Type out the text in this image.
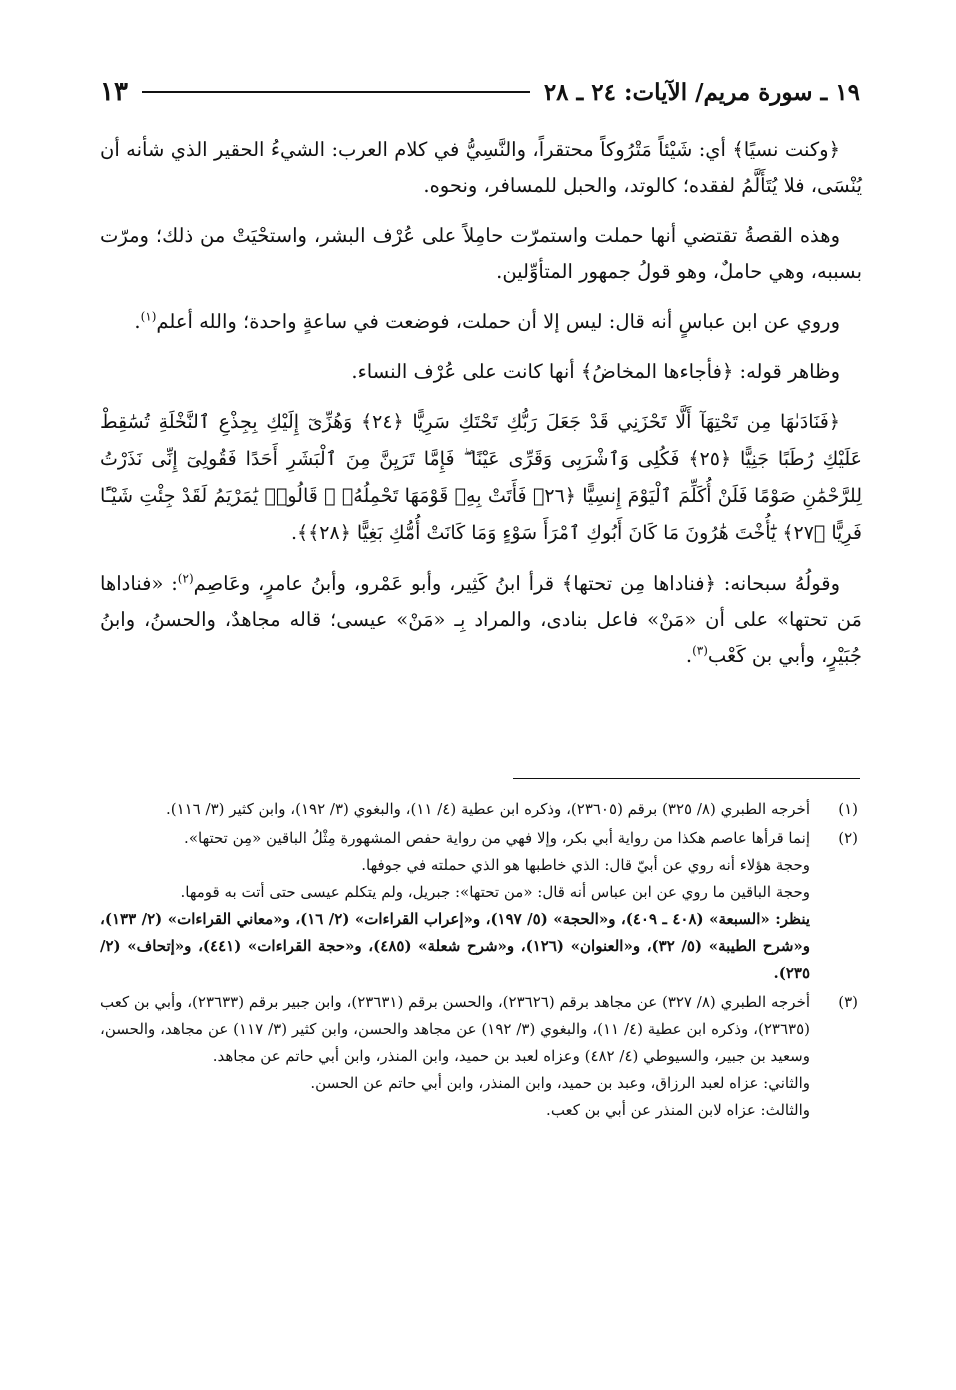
١٩ ـ سورة مريم/ الآيات: ٢٤ ـ ٢٨
١٣

﴿وكنت نسيًا﴾ أي: شَيْئاً مَتْرُوكاً محتقراً، والنَّسِيُّ في كلام العرب: الشيءُ الحقير الذي شأنه أن يُنْسَى، فلا يُتَأَلَّمُ لفقده؛ كالوتد، والحبل للمسافر، ونحوه.

وهذه القصةُ تقتضي أنها حملت واستمرّت حامِلاً على عُرْف البشر، واستحْيَتْ من ذلك؛ ومرّت بسببه، وهي حاملٌ، وهو قولُ جمهور المتأوِّلين.

وروي عن ابن عباسٍ أنه قال: ليس إلا أن حملت، فوضعت في ساعةٍ واحدة؛ والله أعلم$^{(١)}$.

وظاهر قوله: ﴿فأجاءها المخاضُ﴾ أنها كانت على عُرْف النساء.

﴿فَنَادَىٰهَا مِن تَحْتِهَآ أَلَّا تَحْزَنِي قَدْ جَعَلَ رَبُّكِ تَحْتَكِ سَرِيًّا ﴿٢٤﴾ وَهُزِّىٓ إِلَيْكِ بِجِذْعِ ٱلنَّخْلَةِ تُسَٰقِطْ عَلَيْكِ رُطَبًا جَنِيًّا ﴿٢٥﴾ فَكُلِى وَٱشْرَبِى وَقَرِّى عَيْنًا ۖ فَإِمَّا تَرَيِنَّ مِنَ ٱلْبَشَرِ أَحَدًا فَقُولِىٓ إِنِّى نَذَرْتُ لِلرَّحْمَٰنِ صَوْمًا فَلَنْ أُكَلِّمَ ٱلْيَوْمَ إِنسِيًّا ﴿٢٦﴾ فَأَتَتْ بِهِۦ قَوْمَهَا تَحْمِلُهُۥ ۖ قَالُوا۟ يَٰمَرْيَمُ لَقَدْ جِئْتِ شَيْـًٔا فَرِيًّا ﴿٢٧﴾ يَٰٓأُخْتَ هَٰرُونَ مَا كَانَ أَبُوكِ ٱمْرَأَ سَوْءٍ وَمَا كَانَتْ أُمُّكِ بَغِيًّا ﴿٢٨﴾﴾.

وقولُهُ سبحانه: ﴿فناداها مِن تحتها﴾ قرأ ابنُ كَثِير، وأبو عَمْرو، وأبنُ عامرٍ، وعَاصِم$^{(٢)}$: «فناداها مَن تحتها» على أن «مَنْ» فاعل بنادى، والمراد بِـ «مَنْ» عيسى؛ قاله مجاهدٌ، والحسنُ، وابنُ جُبَيْرٍ، وأبي بن كَعْب$^{(٣)}$.

(١)
أخرجه الطبري (٨/ ٣٢٥) برقم (٢٣٦٠٥)، وذكره ابن عطية (٤/ ١١)، والبغوي (٣/ ١٩٢)، وابن كثير (٣/ ١١٦).
(٢)
إنما قرأها عاصم هكذا من رواية أبي بكر، وإلا فهي من رواية حفص المشهورة مِثْلُ الباقين «مِن تحتها».
وحجة هؤلاء أنه روي عن أبيّ قال: الذي خاطبها هو الذي حملته في جوفها.
وحجة الباقين ما روي عن ابن عباس أنه قال: «من تحتها»: جبريل، ولم يتكلم عيسى حتى أتت به قومها.
ينظر: «السبعة» (٤٠٨ ـ ٤٠٩)، و«الحجة» (٥/ ١٩٧)، و«إعراب القراءات» (٢/ ١٦)، و«معاني القراءات» (٢/ ١٣٣)، و«شرح الطيبة» (٥/ ٣٢)، و«العنوان» (١٢٦)، و«شرح شعلة» (٤٨٥)، و«حجة القراءات» (٤٤١)، و«إتحاف» (٢/ ٢٣٥).
(٣)
أخرجه الطبري (٨/ ٣٢٧) عن مجاهد برقم (٢٣٦٢٦)، والحسن برقم (٢٣٦٣١)، وابن جبير برقم (٢٣٦٣٣)، وأبي بن كعب (٢٣٦٣٥)، وذكره ابن عطية (٤/ ١١)، والبغوي (٣/ ١٩٢) عن مجاهد والحسن، وابن كثير (٣/ ١١٧) عن مجاهد، والحسن، وسعيد بن جبير، والسيوطي (٤/ ٤٨٢) وعزاه لعبد بن حميد، وابن المنذر، وابن أبي حاتم عن مجاهد.
والثاني: عزاه لعبد الرزاق، وعبد بن حميد، وابن المنذر، وابن أبي حاتم عن الحسن.
والثالث: عزاه لابن المنذر عن أبي بن كعب.
